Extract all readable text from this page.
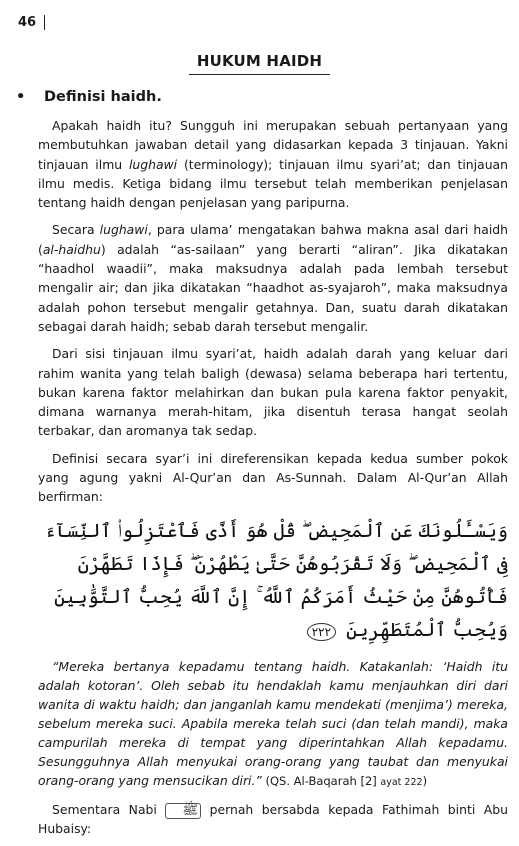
46
HUKUM HAIDH
• Definisi haidh.

Apakah haidh itu? Sungguh ini merupakan sebuah pertanyaan yang membutuhkan jawaban detail yang didasarkan kepada 3 tinjauan. Yakni tinjauan ilmu lughawi (terminology); tinjauan ilmu syari’at; dan tinjauan ilmu medis. Ketiga bidang ilmu tersebut telah memberikan penjelasan tentang haidh dengan penjelasan yang paripurna.

Secara lughawi, para ulama’ mengatakan bahwa makna asal dari haidh (al-haidhu) adalah “as-sailaan” yang berarti “aliran”. Jika dikatakan “haadhol waadii”, maka maksudnya adalah pada lembah tersebut mengalir air; dan jika dikatakan “haadhot as-syajaroh”, maka maksudnya adalah pohon tersebut mengalir getahnya. Dan, suatu darah dikatakan sebagai darah haidh; sebab darah tersebut mengalir.

Dari sisi tinjauan ilmu syari’at, haidh adalah darah yang keluar dari rahim wanita yang telah baligh (dewasa) selama beberapa hari tertentu, bukan karena faktor melahirkan dan bukan pula karena faktor penyakit, dimana warnanya merah-hitam, jika disentuh terasa hangat seolah terbakar, dan aromanya tak sedap.

Definisi secara syar’i ini direferensikan kepada kedua sumber pokok yang agung yakni Al-Qur’an dan As-Sunnah. Dalam Al-Qur’an Allah berfirman:

وَيَسْـَٔلُونَكَ عَنِ ٱلْمَحِيضِ ۖ قُلْ هُوَ أَذًى فَٱعْتَزِلُوا۟ ٱلنِّسَآءَ فِى ٱلْمَحِيضِ ۖ وَلَا تَقْرَبُوهُنَّ حَتَّىٰ يَطْهُرْنَ ۖ فَإِذَا تَطَهَّرْنَ فَأْتُوهُنَّ مِنْ حَيْثُ أَمَرَكُمُ ٱللَّهُ ۚ إِنَّ ٱللَّهَ يُحِبُّ ٱلتَّوَّٰبِينَ وَيُحِبُّ ٱلْمُتَطَهِّرِينَ ٢٢٢

“Mereka bertanya kepadamu tentang haidh. Katakanlah: ‘Haidh itu adalah kotoran’. Oleh sebab itu hendaklah kamu menjauhkan diri dari wanita di waktu haidh; dan janganlah kamu mendekati (menjima’) mereka, sebelum mereka suci. Apabila mereka telah suci (dan telah mandi), maka campurilah mereka di tempat yang diperintahkan Allah kepadamu. Sesungguhnya Allah menyukai orang-orang yang taubat dan menyukai orang-orang yang mensucikan diri.” (QS. Al-Baqarah [2] ayat 222)

Sementara Nabi ﷺ pernah bersabda kepada Fathimah binti Abu Hubaisy:
